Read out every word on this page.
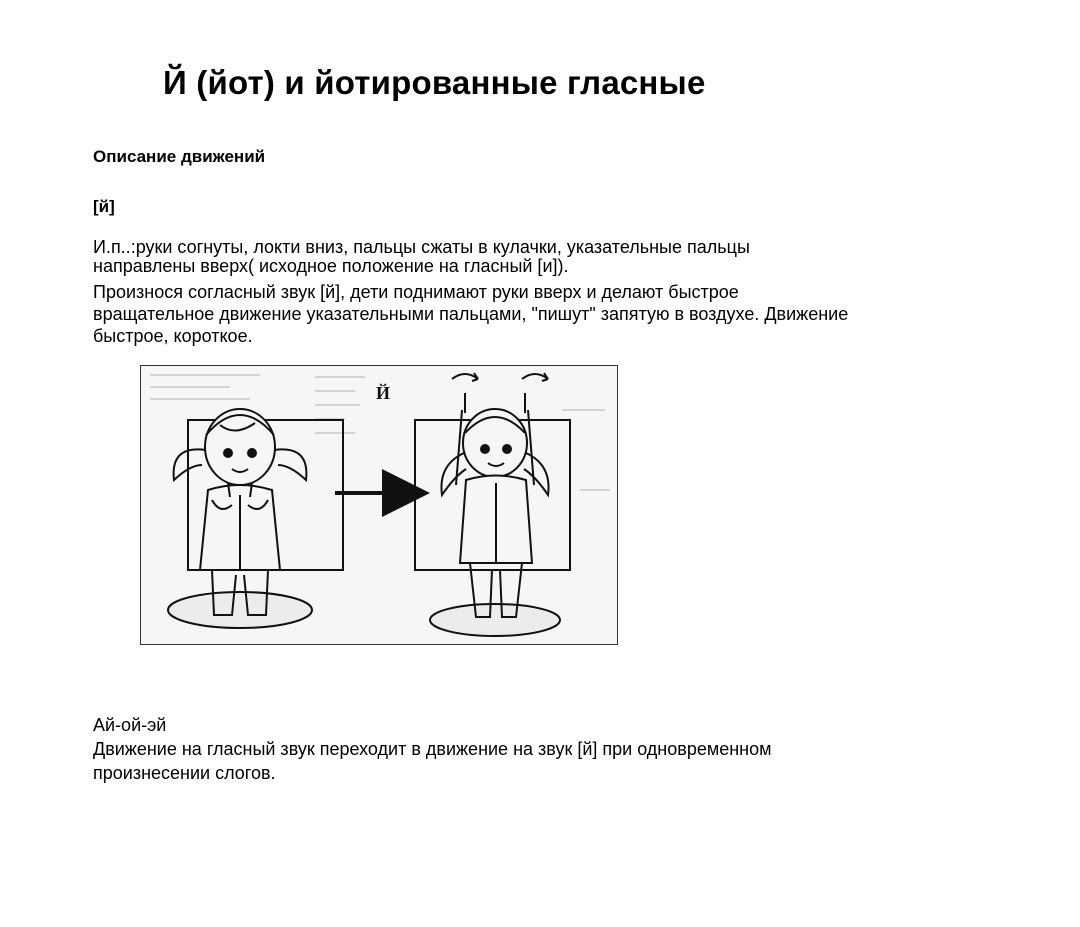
Й (йот) и йотированные гласные
Описание движений

[й]

И.п..:руки согнуты, локти вниз, пальцы сжаты в кулачки, указательные пальцы
направлены вверх( исходное положение на гласный [и]).

Произнося согласный звук [й], дети поднимают руки вверх и делают быстрое

вращательное движение указательными пальцами, "пишут" запятую в воздухе. Движение

быстрое, короткое.

Й

Ай-ой-эй

Движение на гласный звук переходит в движение на звук [й] при одновременном

произнесении слогов.
